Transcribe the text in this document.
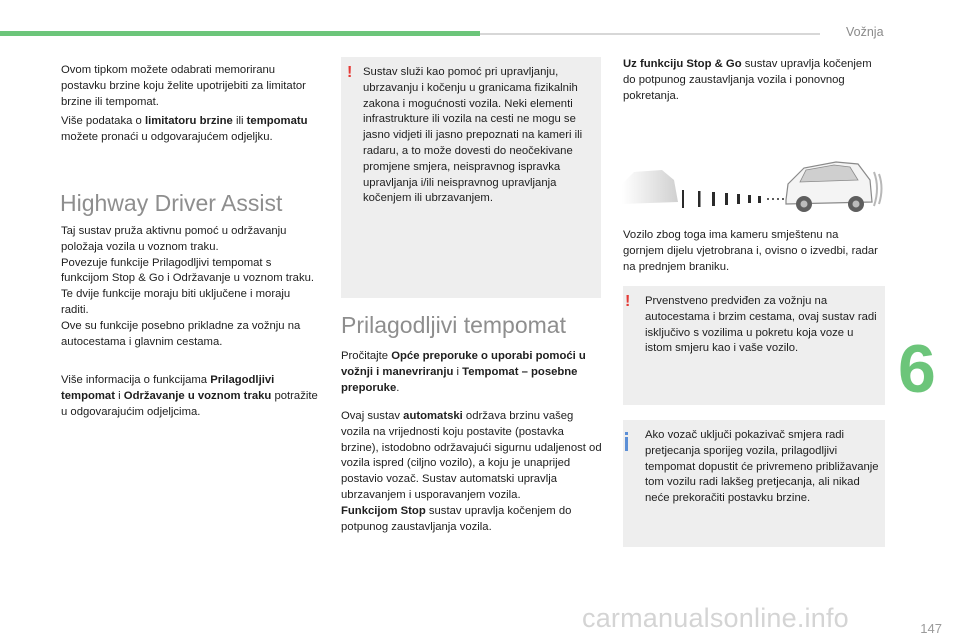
Vožnja
6
147

Ovom tipkom možete odabrati memoriranu postavku brzine koju želite upotrijebiti za limitator brzine ili tempomat.

Više podataka o limitatoru brzine ili tempomatu možete pronaći u odgovarajućem odjeljku.

Highway Driver Assist

Taj sustav pruža aktivnu pomoć u održavanju položaja vozila u voznom traku.

Povezuje funkcije Prilagodljivi tempomat s funkcijom Stop & Go i Održavanje u voznom traku.

Te dvije funkcije moraju biti uključene i moraju raditi.

Ove su funkcije posebno prikladne za vožnju na autocestama i glavnim cestama.

Više informacija o funkcijama Prilagodljivi tempomat i Održavanje u voznom traku potražite u odgovarajućim odjeljcima.

! Sustav služi kao pomoć pri upravljanju, ubrzavanju i kočenju u granicama fizikalnih zakona i mogućnosti vozila. Neki elementi infrastrukture ili vozila na cesti ne mogu se jasno vidjeti ili jasno prepoznati na kameri ili radaru, a to može dovesti do neočekivane promjene smjera, neispravnog ispravka upravljanja i/ili neispravnog upravljanja kočenjem ili ubrzavanjem.

Prilagodljivi tempomat

Pročitajte Opće preporuke o uporabi pomoći u vožnji i manevriranju i Tempomat – posebne preporuke.

Ovaj sustav automatski održava brzinu vašeg vozila na vrijednosti koju postavite (postavka brzine), istodobno održavajući sigurnu udaljenost od vozila ispred (ciljno vozilo), a koju je unaprijed postavio vozač. Sustav automatski upravlja ubrzavanjem i usporavanjem vozila.
Funkcijom Stop sustav upravlja kočenjem do potpunog zaustavljanja vozila.

Uz funkciju Stop & Go sustav upravlja kočenjem do potpunog zaustavljanja vozila i ponovnog pokretanja.

Vozilo zbog toga ima kameru smještenu na gornjem dijelu vjetrobrana i, ovisno o izvedbi, radar na prednjem braniku.

! Prvenstveno predviđen za vožnju na autocestama i brzim cestama, ovaj sustav radi isključivo s vozilima u pokretu koja voze u istom smjeru kao i vaše vozilo.

Ako vozač uključi pokazivač smjera radi pretjecanja sporijeg vozila, prilagodljivi tempomat dopustit će privremeno približavanje tom vozilu radi lakšeg pretjecanja, ali nikad neće prekoračiti postavku brzine.

carmanualsonline.info
